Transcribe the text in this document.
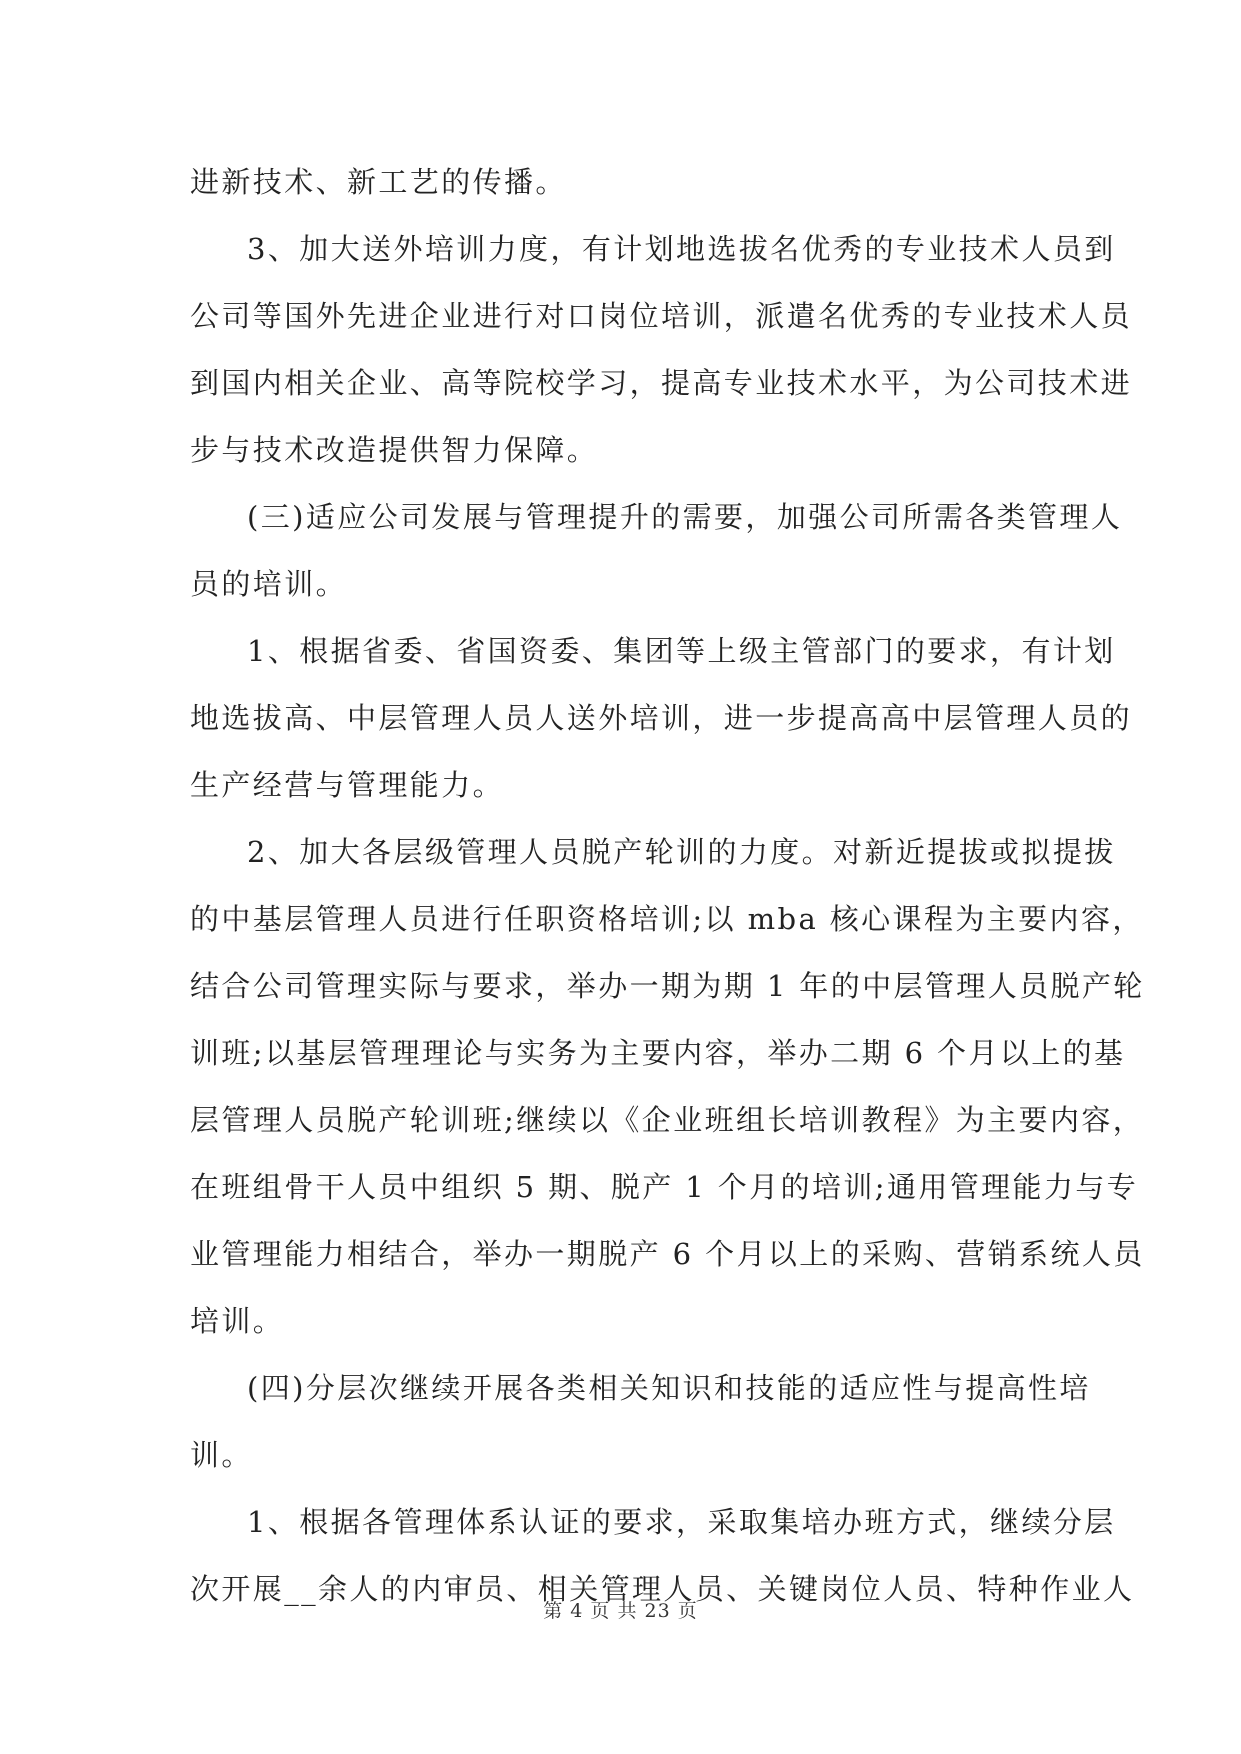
进新技术、新工艺的传播。
3、加大送外培训力度，有计划地选拔名优秀的专业技术人员到
公司等国外先进企业进行对口岗位培训，派遣名优秀的专业技术人员
到国内相关企业、高等院校学习，提高专业技术水平，为公司技术进
步与技术改造提供智力保障。
(三)适应公司发展与管理提升的需要，加强公司所需各类管理人
员的培训。
1、根据省委、省国资委、集团等上级主管部门的要求，有计划
地选拔高、中层管理人员人送外培训，进一步提高高中层管理人员的
生产经营与管理能力。
2、加大各层级管理人员脱产轮训的力度。对新近提拔或拟提拔
的中基层管理人员进行任职资格培训;以 mba 核心课程为主要内容，
结合公司管理实际与要求，举办一期为期 1 年的中层管理人员脱产轮
训班;以基层管理理论与实务为主要内容，举办二期 6 个月以上的基
层管理人员脱产轮训班;继续以《企业班组长培训教程》为主要内容，
在班组骨干人员中组织 5 期、脱产 1 个月的培训;通用管理能力与专
业管理能力相结合，举办一期脱产 6 个月以上的采购、营销系统人员
培训。
(四)分层次继续开展各类相关知识和技能的适应性与提高性培
训。
1、根据各管理体系认证的要求，采取集培办班方式，继续分层
次开展__余人的内审员、相关管理人员、关键岗位人员、特种作业人
第 4 页 共 23 页
